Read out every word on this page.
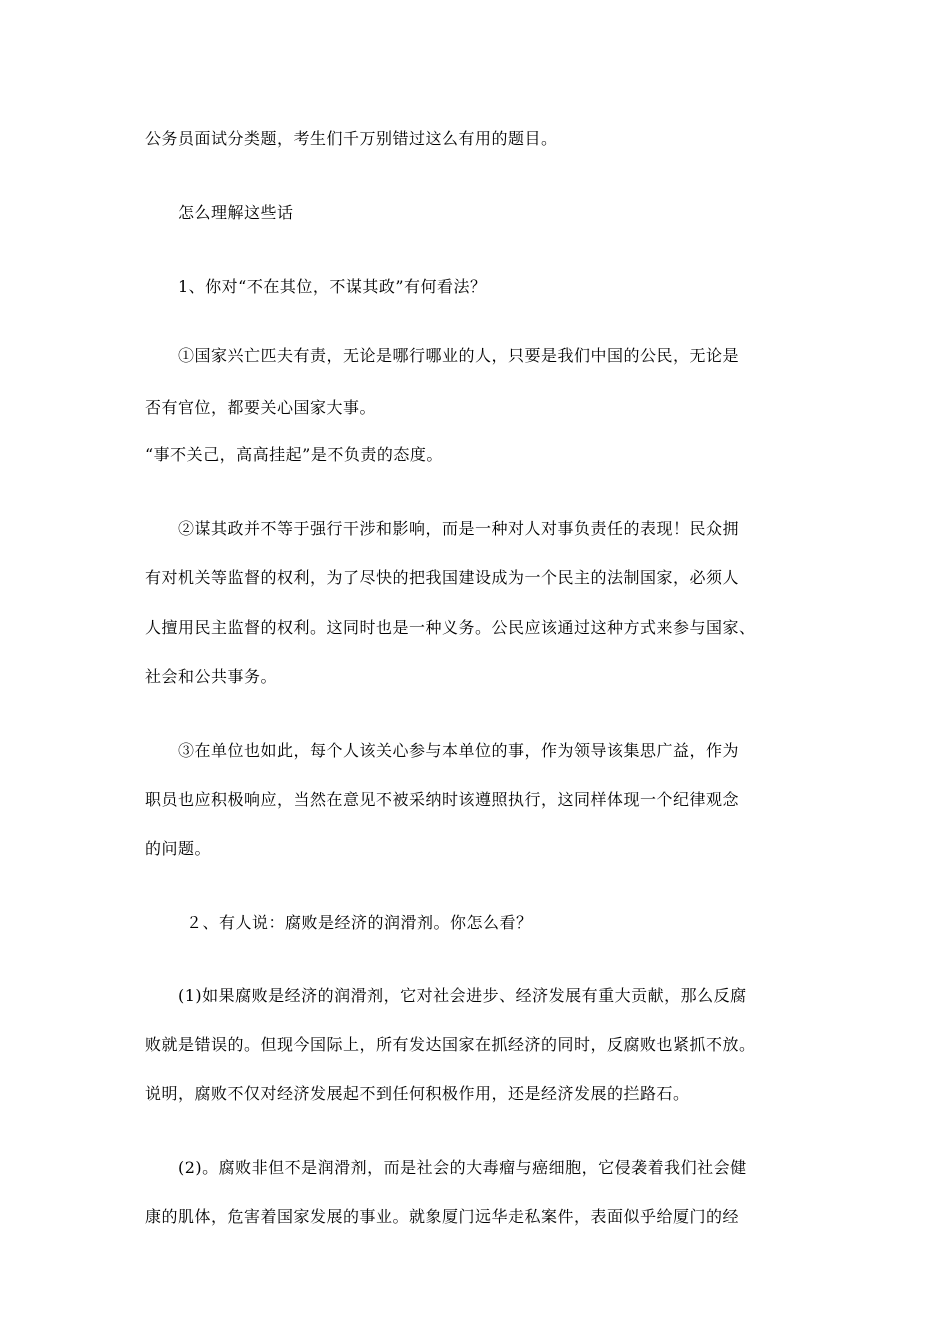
公务员面试分类题，考生们千万别错过这么有用的题目。
怎么理解这些话
1、你对“不在其位，不谋其政”有何看法？
①国家兴亡匹夫有责，无论是哪行哪业的人，只要是我们中国的公民，无论是
否有官位，都要关心国家大事。
“事不关己，高高挂起”是不负责的态度。
②谋其政并不等于强行干涉和影响，而是一种对人对事负责任的表现！民众拥
有对机关等监督的权利，为了尽快的把我国建设成为一个民主的法制国家，必须人
人擅用民主监督的权利。这同时也是一种义务。公民应该通过这种方式来参与国家、
社会和公共事务。
③在单位也如此，每个人该关心参与本单位的事，作为领导该集思广益，作为
职员也应积极响应，当然在意见不被采纳时该遵照执行，这同样体现一个纪律观念
的问题。
２、有人说：腐败是经济的润滑剂。你怎么看？
(1)如果腐败是经济的润滑剂，它对社会进步、经济发展有重大贡献，那么反腐
败就是错误的。但现今国际上，所有发达国家在抓经济的同时，反腐败也紧抓不放。
说明，腐败不仅对经济发展起不到任何积极作用，还是经济发展的拦路石。
(2)。腐败非但不是润滑剂，而是社会的大毒瘤与癌细胞，它侵袭着我们社会健
康的肌体，危害着国家发展的事业。就象厦门远华走私案件，表面似乎给厦门的经
